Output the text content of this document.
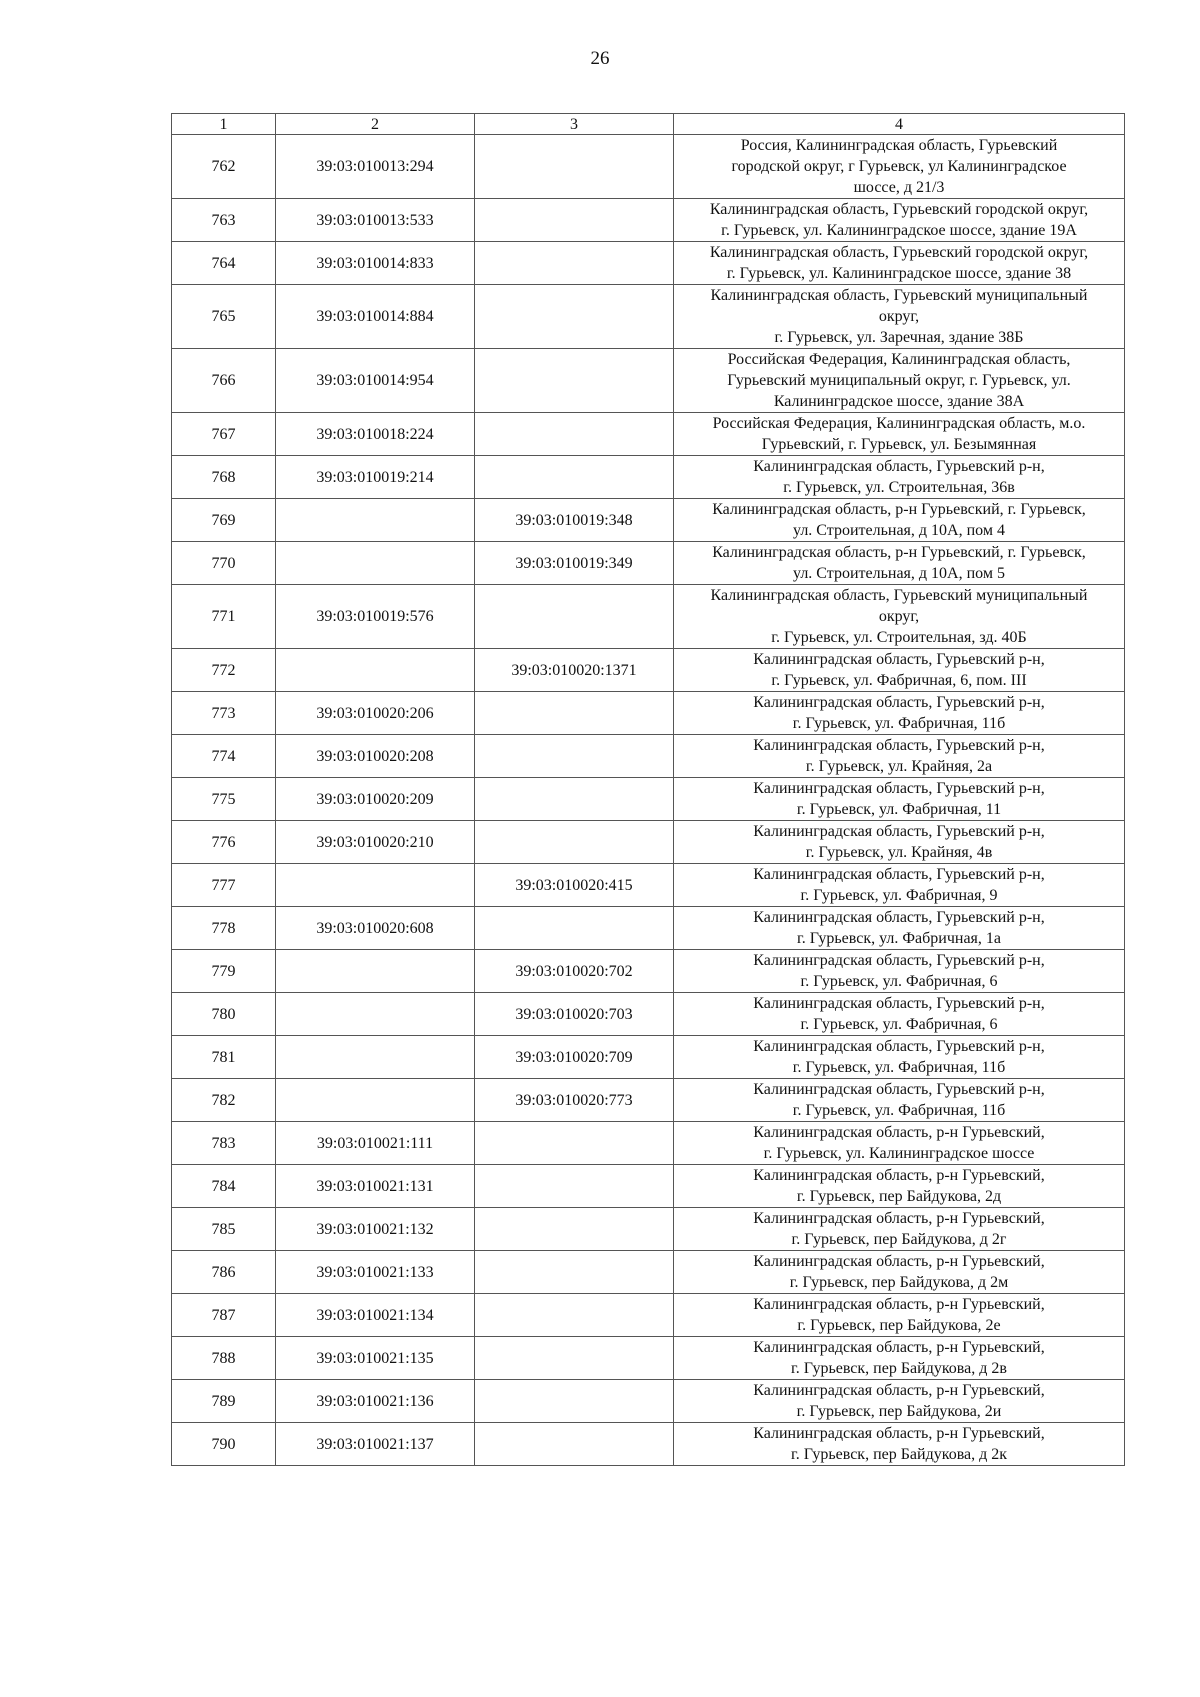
26
1	2	3	4
762	39:03:010013:294		Россия, Калининградская область, Гурьевский
городской округ, г Гурьевск, ул Калининградское
шоссе, д 21/3

763	39:03:010013:533		Калининградская область, Гурьевский городской округ,
г. Гурьевск, ул. Калининградское шоссе, здание 19А

764	39:03:010014:833		Калининградская область, Гурьевский городской округ,
г. Гурьевск, ул. Калининградское шоссе, здание 38

765	39:03:010014:884		Калининградская область, Гурьевский муниципальный
округ,
г. Гурьевск, ул. Заречная, здание 38Б

766	39:03:010014:954		Российская Федерация, Калининградская область,
Гурьевский муниципальный округ, г. Гурьевск, ул.
Калининградское шоссе, здание 38А

767	39:03:010018:224		Российская Федерация, Калининградская область, м.о.
Гурьевский, г. Гурьевск, ул. Безымянная

768	39:03:010019:214		Калининградская область, Гурьевский р-н,
г. Гурьевск, ул. Строительная, 36в

769		39:03:010019:348	Калининградская область, р-н Гурьевский, г. Гурьевск,
ул. Строительная, д 10А, пом 4

770		39:03:010019:349	Калининградская область, р-н Гурьевский, г. Гурьевск,
ул. Строительная, д 10А, пом 5

771	39:03:010019:576		Калининградская область, Гурьевский муниципальный
округ,
г. Гурьевск, ул. Строительная, зд. 40Б

772		39:03:010020:1371	Калининградская область, Гурьевский р-н,
г. Гурьевск, ул. Фабричная, 6, пом. III

773	39:03:010020:206		Калининградская область, Гурьевский р-н,
г. Гурьевск, ул. Фабричная, 11б

774	39:03:010020:208		Калининградская область, Гурьевский р-н,
г. Гурьевск, ул. Крайняя, 2а

775	39:03:010020:209		Калининградская область, Гурьевский р-н,
г. Гурьевск, ул. Фабричная, 11

776	39:03:010020:210		Калининградская область, Гурьевский р-н,
г. Гурьевск, ул. Крайняя, 4в

777		39:03:010020:415	Калининградская область, Гурьевский р-н,
г. Гурьевск, ул. Фабричная, 9

778	39:03:010020:608		Калининградская область, Гурьевский р-н,
г. Гурьевск, ул. Фабричная, 1а

779		39:03:010020:702	Калининградская область, Гурьевский р-н,
г. Гурьевск, ул. Фабричная, 6

780		39:03:010020:703	Калининградская область, Гурьевский р-н,
г. Гурьевск, ул. Фабричная, 6

781		39:03:010020:709	Калининградская область, Гурьевский р-н,
г. Гурьевск, ул. Фабричная, 11б

782		39:03:010020:773	Калининградская область, Гурьевский р-н,
г. Гурьевск, ул. Фабричная, 11б

783	39:03:010021:111		Калининградская область, р-н Гурьевский,
г. Гурьевск, ул. Калининградское шоссе

784	39:03:010021:131		Калининградская область, р-н Гурьевский,
г. Гурьевск, пер Байдукова, 2д

785	39:03:010021:132		Калининградская область, р-н Гурьевский,
г. Гурьевск, пер Байдукова, д 2г

786	39:03:010021:133		Калининградская область, р-н Гурьевский,
г. Гурьевск, пер Байдукова, д 2м

787	39:03:010021:134		Калининградская область, р-н Гурьевский,
г. Гурьевск, пер Байдукова, 2е

788	39:03:010021:135		Калининградская область, р-н Гурьевский,
г. Гурьевск, пер Байдукова, д 2в

789	39:03:010021:136		Калининградская область, р-н Гурьевский,
г. Гурьевск, пер Байдукова, 2и

790	39:03:010021:137		Калининградская область, р-н Гурьевский,
г. Гурьевск, пер Байдукова, д 2к
